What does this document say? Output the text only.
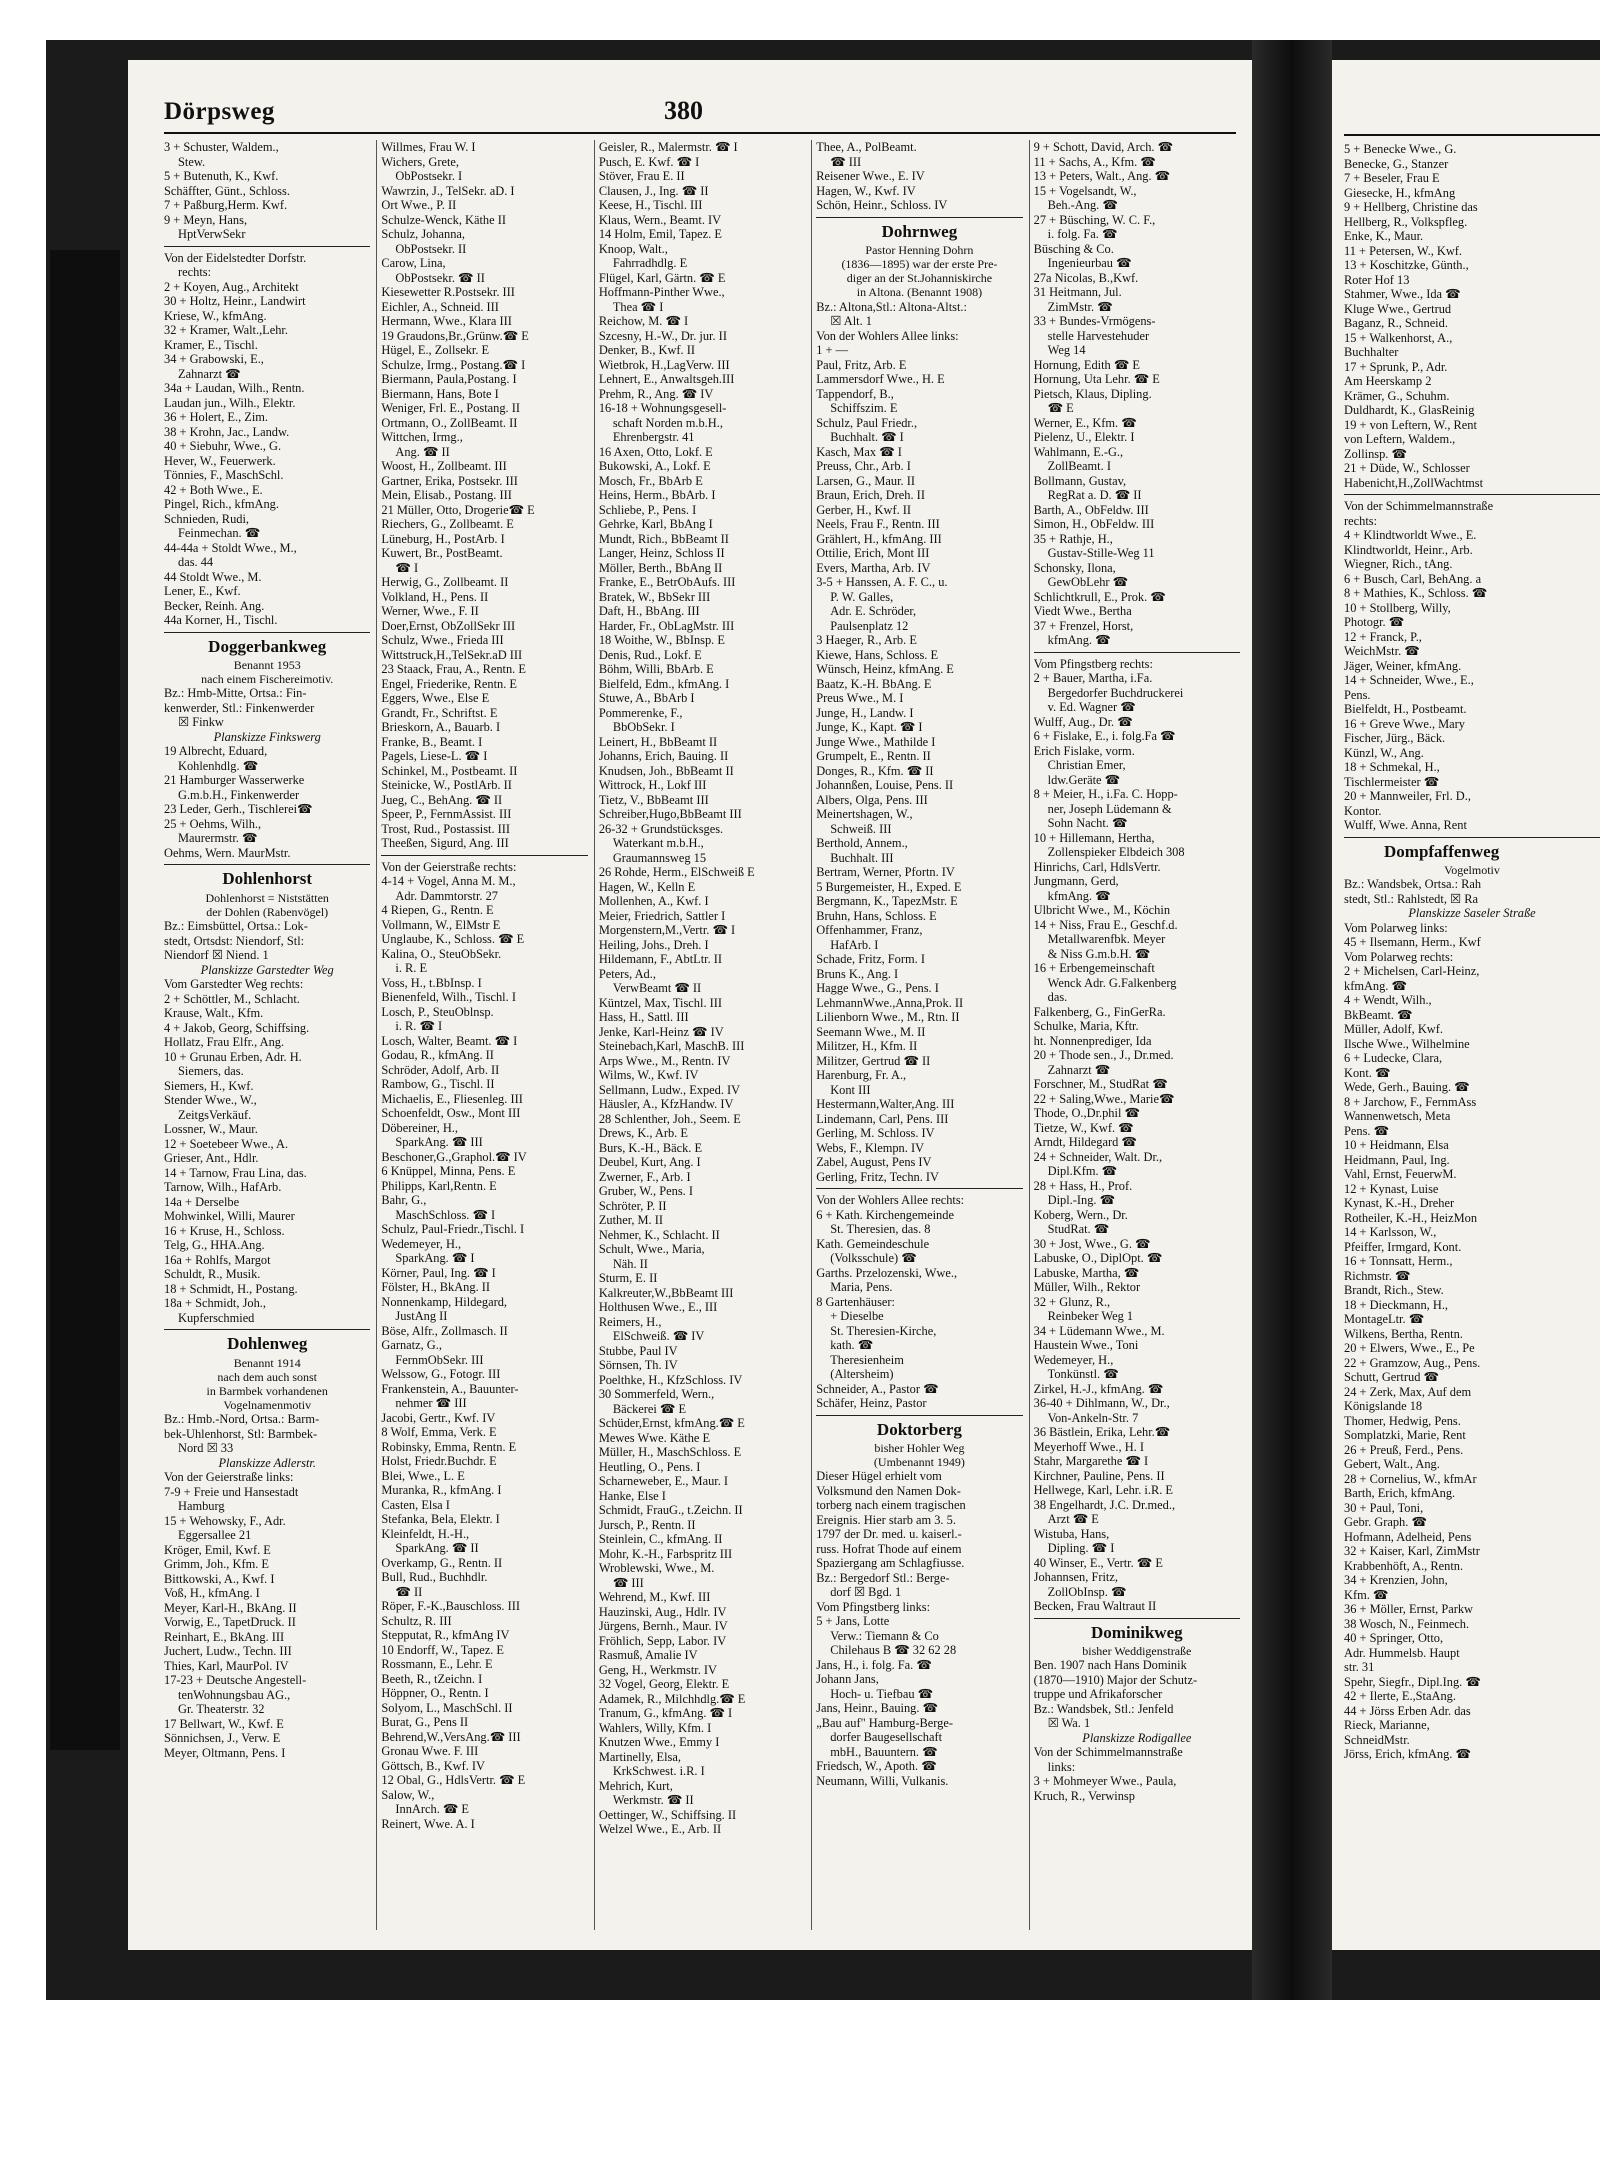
Dörpsweg	380
3 + Schuster, Waldem.,
Stew.
5 + Butenuth, K., Kwf.
Schäffter, Günt., Schloss.
7 + Paßburg,Herm. Kwf.
9 + Meyn, Hans,
HptVerwSekr
Von der Eidelstedter Dorfstr.
rechts:
2 + Koyen, Aug., Architekt
30 + Holtz, Heinr., Landwirt
Kriese, W., kfmAng.
32 + Kramer, Walt.,Lehr.
Kramer, E., Tischl.
34 + Grabowski, E.,
Zahnarzt ☎
34a + Laudan, Wilh., Rentn.
Laudan jun., Wilh., Elektr.
36 + Holert, E., Zim.
38 + Krohn, Jac., Landw.
40 + Siebuhr, Wwe., G.
Hever, W., Feuerwerk.
Tönnies, F., MaschSchl.
42 + Both Wwe., E.
Pingel, Rich., kfmAng.
Schnieden, Rudi,
Feinmechan. ☎
44-44a + Stoldt Wwe., M.,
das. 44
44 Stoldt Wwe., M.
Lener, E., Kwf.
Becker, Reinh. Ang.
44a Korner, H., Tischl.
Doggerbankweg
Benannt 1953
nach einem Fischereimotiv.
Bz.: Hmb-Mitte, Ortsa.: Fin-
kenwerder, Stl.: Finkenwerder
☒ Finkw
Planskizze Finkswerg
19 Albrecht, Eduard,
Kohlenhdlg. ☎
21 Hamburger Wasserwerke
G.m.b.H., Finkenwerder
23 Leder, Gerh., Tischlerei☎
25 + Oehms, Wilh.,
Maurermstr. ☎
Oehms, Wern. MaurMstr.
Dohlenhorst
Dohlenhorst = Niststätten
der Dohlen (Rabenvögel)
Bz.: Eimsbüttel, Ortsa.: Lok-
stedt, Ortsdst: Niendorf, Stl:
Niendorf ☒ Niend. 1
Planskizze Garstedter Weg
Vom Garstedter Weg rechts:
2 + Schöttler, M., Schlacht.
Krause, Walt., Kfm.
4 + Jakob, Georg, Schiffsing.
Hollatz, Frau Elfr., Ang.
10 + Grunau Erben, Adr. H.
Siemers, das.
Siemers, H., Kwf.
Stender Wwe., W.,
ZeitgsVerkäuf.
Lossner, W., Maur.
12 + Soetebeer Wwe., A.
Grieser, Ant., Hdlr.
14 + Tarnow, Frau Lina, das.
Tarnow, Wilh., HafArb.
14a + Derselbe
Mohwinkel, Willi, Maurer
16 + Kruse, H., Schloss.
Telg, G., HHA.Ang.
16a + Rohlfs, Margot
Schuldt, R., Musik.
18 + Schmidt, H., Postang.
18a + Schmidt, Joh.,
Kupferschmied
Dohlenweg
Benannt 1914
nach dem auch sonst
in Barmbek vorhandenen
Vogelnamenmotiv
Bz.: Hmb.-Nord, Ortsa.: Barm-
bek-Uhlenhorst, Stl: Barmbek-
Nord ☒ 33
Planskizze Adlerstr.
Von der Geierstraße links:
7-9 + Freie und Hansestadt
Hamburg
15 + Wehowsky, F., Adr.
Eggersallee 21
Kröger, Emil, Kwf. E
Grimm, Joh., Kfm. E
Bittkowski, A., Kwf. I
Voß, H., kfmAng. I
Meyer, Karl-H., BkAng. II
Vorwig, E., TapetDruck. II
Reinhart, E., BkAng. III
Juchert, Ludw., Techn. III
Thies, Karl, MaurPol. IV
17-23 + Deutsche Angestell-
tenWohnungsbau AG.,
Gr. Theaterstr. 32
17 Bellwart, W., Kwf. E
Sönnichsen, J., Verw. E
Meyer, Oltmann, Pens. I
Willmes, Frau W. I
Wichers, Grete,
ObPostsekr. I
Wawrzin, J., TelSekr. aD. I
Ort Wwe., P. II
Schulze-Wenck, Käthe II
Schulz, Johanna,
ObPostsekr. II
Carow, Lina,
ObPostsekr. ☎ II
Kiesewetter R.Postsekr. III
Eichler, A., Schneid. III
Hermann, Wwe., Klara III
19 Graudons,Br.,Grünw.☎ E
Hügel, E., Zollsekr. E
Schulze, Irmg., Postang.☎ I
Biermann, Paula,Postang. I
Biermann, Hans, Bote I
Weniger, Frl. E., Postang. II
Ortmann, O., ZollBeamt. II
Wittchen, Irmg.,
Ang. ☎ II
Woost, H., Zollbeamt. III
Gartner, Erika, Postsekr. III
Mein, Elisab., Postang. III
21 Müller, Otto, Drogerie☎ E
Riechers, G., Zollbeamt. E
Lüneburg, H., PostArb. I
Kuwert, Br., PostBeamt.
☎ I
Herwig, G., Zollbeamt. II
Volkland, H., Pens. II
Werner, Wwe., F. II
Doer,Ernst, ObZollSekr III
Schulz, Wwe., Frieda III
Wittstruck,H.,TelSekr.aD III
23 Staack, Frau, A., Rentn. E
Engel, Friederike, Rentn. E
Eggers, Wwe., Else E
Grandt, Fr., Schriftst. E
Brieskorn, A., Bauarb. I
Franke, B., Beamt. I
Pagels, Liese-L. ☎ I
Schinkel, M., Postbeamt. II
Steinicke, W., PostlArb. II
Jueg, C., BehAng. ☎ II
Speer, P., FernmAssist. III
Trost, Rud., Postassist. III
Theeßen, Sigurd, Ang. III
Von der Geierstraße rechts:
4-14 + Vogel, Anna M. M.,
Adr. Dammtorstr. 27
4 Riepen, G., Rentn. E
Vollmann, W., ElMstr E
Unglaube, K., Schloss. ☎ E
Kalina, O., SteuObSekr.
i. R. E
Voss, H., t.BbInsp. I
Bienenfeld, Wilh., Tischl. I
Losch, P., SteuOblnsp.
i. R. ☎ I
Losch, Walter, Beamt. ☎ I
Godau, R., kfmAng. II
Schröder, Adolf, Arb. II
Rambow, G., Tischl. II
Michaelis, E., Fliesenleg. III
Schoenfeldt, Osw., Mont III
Döbereiner, H.,
SparkAng. ☎ III
Beschoner,G.,Graphol.☎ IV
6 Knüppel, Minna, Pens. E
Philipps, Karl,Rentn. E
Bahr, G.,
MaschSchloss. ☎ I
Schulz, Paul-Friedr.,Tischl. I
Wedemeyer, H.,
SparkAng. ☎ I
Körner, Paul, Ing. ☎ I
Fölster, H., BkAng. II
Nonnenkamp, Hildegard,
JustAng II
Böse, Alfr., Zollmasch. II
Garnatz, G.,
FernmObSekr. III
Welssow, G., Fotogr. III
Frankenstein, A., Bauunter-
nehmer ☎ III
Jacobi, Gertr., Kwf. IV
8 Wolf, Emma, Verk. E
Robinsky, Emma, Rentn. E
Holst, Friedr.Buchdr. E
Blei, Wwe., L. E
Muranka, R., kfmAng. I
Casten, Elsa I
Stefanka, Bela, Elektr. I
Kleinfeldt, H.-H.,
SparkAng. ☎ II
Overkamp, G., Rentn. II
Bull, Rud., Buchhdlr.
☎ II
Röper, F.-K.,Bauschloss. III
Schultz, R. III
Stepputat, R., kfmAng IV
10 Endorff, W., Tapez. E
Rossmann, E., Lehr. E
Beeth, R., tZeichn. I
Höppner, O., Rentn. I
Solyom, L., MaschSchl. II
Burat, G., Pens II
Behrend,W.,VersAng.☎ III
Gronau Wwe. F. III
Göttsch, B., Kwf. IV
12 Obal, G., HdlsVertr. ☎ E
Salow, W.,
InnArch. ☎ E
Reinert, Wwe. A. I
Geisler, R., Malermstr. ☎ I
Pusch, E. Kwf. ☎ I
Stöver, Frau E. II
Clausen, J., Ing. ☎ II
Keese, H., Tischl. III
Klaus, Wern., Beamt. IV
14 Holm, Emil, Tapez. E
Knoop, Walt.,
Fahrradhdlg. E
Flügel, Karl, Gärtn. ☎ E
Hoffmann-Pinther Wwe.,
Thea ☎ I
Reichow, M. ☎ I
Szcesny, H.-W., Dr. jur. II
Denker, B., Kwf. II
Wietbrok, H.,LagVerw. III
Lehnert, E., Anwaltsgeh.III
Prehm, R., Ang. ☎ IV
16-18 + Wohnungsgesell-
schaft Norden m.b.H.,
Ehrenbergstr. 41
16 Axen, Otto, Lokf. E
Bukowski, A., Lokf. E
Mosch, Fr., BbArb E
Heins, Herm., BbArb. I
Schliebe, P., Pens. I
Gehrke, Karl, BbAng I
Mundt, Rich., BbBeamt II
Langer, Heinz, Schloss II
Möller, Berth., BbAng II
Franke, E., BetrObAufs. III
Bratek, W., BbSekr III
Daft, H., BbAng. III
Harder, Fr., ObLagMstr. III
18 Woithe, W., BbInsp. E
Denis, Rud., Lokf. E
Böhm, Willi, BbArb. E
Bielfeld, Edm., kfmAng. I
Stuwe, A., BbArb I
Pommerenke, F.,
BbObSekr. I
Leinert, H., BbBeamt II
Johanns, Erich, Bauing. II
Knudsen, Joh., BbBeamt II
Wittrock, H., Lokf III
Tietz, V., BbBeamt III
Schreiber,Hugo,BbBeamt III
26-32 + Grundstücksges.
Waterkant m.b.H.,
Graumannsweg 15
26 Rohde, Herm., ElSchweiß E
Hagen, W., Kelln E
Mollenhen, A., Kwf. I
Meier, Friedrich, Sattler I
Morgenstern,M.,Vertr. ☎ I
Heiling, Johs., Dreh. I
Hildemann, F., AbtLtr. II
Peters, Ad.,
VerwBeamt ☎ II
Küntzel, Max, Tischl. III
Hass, H., Sattl. III
Jenke, Karl-Heinz ☎ IV
Steinebach,Karl, MaschB. III
Arps Wwe., M., Rentn. IV
Wilms, W., Kwf. IV
Sellmann, Ludw., Exped. IV
Häusler, A., KfzHandw. IV
28 Schlenther, Joh., Seem. E
Drews, K., Arb. E
Burs, K.-H., Bäck. E
Deubel, Kurt, Ang. I
Zwerner, F., Arb. I
Gruber, W., Pens. I
Schröter, P. II
Zuther, M. II
Nehmer, K., Schlacht. II
Schult, Wwe., Maria,
Näh. II
Sturm, E. II
Kalkreuter,W.,BbBeamt III
Holthusen Wwe., E., III
Reimers, H.,
ElSchweiß. ☎ IV
Stubbe, Paul IV
Sörnsen, Th. IV
Poelthke, H., KfzSchloss. IV
30 Sommerfeld, Wern.,
Bäckerei ☎ E
Schüder,Ernst, kfmAng.☎ E
Mewes Wwe. Käthe E
Müller, H., MaschSchloss. E
Heutling, O., Pens. I
Scharneweber, E., Maur. I
Hanke, Else I
Schmidt, FrauG., t.Zeichn. II
Jursch, P., Rentn. II
Steinlein, C., kfmAng. II
Mohr, K.-H., Farbspritz III
Wroblewski, Wwe., M.
☎ III
Wehrend, M., Kwf. III
Hauzinski, Aug., Hdlr. IV
Jürgens, Bernh., Maur. IV
Fröhlich, Sepp, Labor. IV
Rasmuß, Amalie IV
Geng, H., Werkmstr. IV
32 Vogel, Georg, Elektr. E
Adamek, R., Milchhdlg.☎ E
Tranum, G., kfmAng. ☎ I
Wahlers, Willy, Kfm. I
Knutzen Wwe., Emmy I
Martinelly, Elsa,
KrkSchwest. i.R. I
Mehrich, Kurt,
Werkmstr. ☎ II
Oettinger, W., Schiffsing. II
Welzel Wwe., E., Arb. II
Thee, A., PolBeamt.
☎ III
Reisener Wwe., E. IV
Hagen, W., Kwf. IV
Schön, Heinr., Schloss. IV
Dohrnweg
Pastor Henning Dohrn
(1836—1895) war der erste Pre-
diger an der St.Johanniskirche
in Altona. (Benannt 1908)
Bz.: Altona,Stl.: Altona-Altst.:
☒ Alt. 1
Von der Wohlers Allee links:
1 + —
Paul, Fritz, Arb. E
Lammersdorf Wwe., H. E
Tappendorf, B.,
Schiffszim. E
Schulz, Paul Friedr.,
Buchhalt. ☎ I
Kasch, Max ☎ I
Preuss, Chr., Arb. I
Larsen, G., Maur. II
Braun, Erich, Dreh. II
Gerber, H., Kwf. II
Neels, Frau F., Rentn. III
Grählert, H., kfmAng. III
Ottilie, Erich, Mont III
Evers, Martha, Arb. IV
3-5 + Hanssen, A. F. C., u.
P. W. Galles,
Adr. E. Schröder,
Paulsenplatz 12
3 Haeger, R., Arb. E
Kiewe, Hans, Schloss. E
Wünsch, Heinz, kfmAng. E
Baatz, K.-H. BbAng. E
Preus Wwe., M. I
Junge, H., Landw. I
Junge, K., Kapt. ☎ I
Junge Wwe., Mathilde I
Grumpelt, E., Rentn. II
Donges, R., Kfm. ☎ II
Johannßen, Louise, Pens. II
Albers, Olga, Pens. III
Meinertshagen, W.,
Schweiß. III
Berthold, Annem.,
Buchhalt. III
Bertram, Werner, Pfortn. IV
5 Burgemeister, H., Exped. E
Bergmann, K., TapezMstr. E
Bruhn, Hans, Schloss. E
Offenhammer, Franz,
HafArb. I
Schade, Fritz, Form. I
Bruns K., Ang. I
Hagge Wwe., G., Pens. I
LehmannWwe.,Anna,Prok. II
Lilienborn Wwe., M., Rtn. II
Seemann Wwe., M. II
Militzer, H., Kfm. II
Militzer, Gertrud ☎ II
Harenburg, Fr. A.,
Kont III
Hestermann,Walter,Ang. III
Lindemann, Carl, Pens. III
Gerling, M. Schloss. IV
Webs, F., Klempn. IV
Zabel, August, Pens IV
Gerling, Fritz, Techn. IV
Von der Wohlers Allee rechts:
6 + Kath. Kirchengemeinde
St. Theresien, das. 8
Kath. Gemeindeschule
(Volksschule) ☎
Garths. Przelozenski, Wwe.,
Maria, Pens.
8 Gartenhäuser:
+ Dieselbe
St. Theresien-Kirche,
kath. ☎
Theresienheim
(Altersheim)
Schneider, A., Pastor ☎
Schäfer, Heinz, Pastor
Doktorberg
bisher Hohler Weg
(Umbenannt 1949)
Dieser Hügel erhielt vom
Volksmund den Namen Dok-
torberg nach einem tragischen
Ereignis. Hier starb am 3. 5.
1797 der Dr. med. u. kaiserl.-
russ. Hofrat Thode auf einem
Spaziergang am Schlagfiusse.
Bz.: Bergedorf Stl.: Berge-
dorf ☒ Bgd. 1
Vom Pfingstberg links:
5 + Jans, Lotte
Verw.: Tiemann & Co
Chilehaus B ☎ 32 62 28
Jans, H., i. folg. Fa. ☎
Johann Jans,
Hoch- u. Tiefbau ☎
Jans, Heinr., Bauing. ☎
„Bau auf" Hamburg-Berge-
dorfer Baugesellschaft
mbH., Bauuntern. ☎
Friedsch, W., Apoth. ☎
Neumann, Willi, Vulkanis.
9 + Schott, David, Arch. ☎
11 + Sachs, A., Kfm. ☎
13 + Peters, Walt., Ang. ☎
15 + Vogelsandt, W.,
Beh.-Ang. ☎
27 + Büsching, W. C. F.,
i. folg. Fa. ☎
Büsching & Co.
Ingenieurbau ☎
27a Nicolas, B.,Kwf.
31 Heitmann, Jul.
ZimMstr. ☎
33 + Bundes-Vrmögens-
stelle Harvestehuder
Weg 14
Hornung, Edith ☎ E
Hornung, Uta Lehr. ☎ E
Pietsch, Klaus, Dipling.
☎ E
Werner, E., Kfm. ☎
Pielenz, U., Elektr. I
Wahlmann, E.-G.,
ZollBeamt. I
Bollmann, Gustav,
RegRat a. D. ☎ II
Barth, A., ObFeldw. III
Simon, H., ObFeldw. III
35 + Rathje, H.,
Gustav-Stille-Weg 11
Schonsky, Ilona,
GewObLehr ☎
Schlichtkrull, E., Prok. ☎
Viedt Wwe., Bertha
37 + Frenzel, Horst,
kfmAng. ☎
Vom Pfingstberg rechts:
2 + Bauer, Martha, i.Fa.
Bergedorfer Buchdruckerei
v. Ed. Wagner ☎
Wulff, Aug., Dr. ☎
6 + Fislake, E., i. folg.Fa ☎
Erich Fislake, vorm.
Christian Emer,
ldw.Geräte ☎
8 + Meier, H., i.Fa. C. Hopp-
ner, Joseph Lüdemann &
Sohn Nacht. ☎
10 + Hillemann, Hertha,
Zollenspieker Elbdeich 308
Hinrichs, Carl, HdlsVertr.
Jungmann, Gerd,
kfmAng. ☎
Ulbricht Wwe., M., Köchin
14 + Niss, Frau E., Geschf.d.
Metallwarenfbk. Meyer
& Niss G.m.b.H. ☎
16 + Erbengemeinschaft
Wenck Adr. G.Falkenberg
das.
Falkenberg, G., FinGerRa.
Schulke, Maria, Kftr.
ht. Nonnenprediger, Ida
20 + Thode sen., J., Dr.med.
Zahnarzt ☎
Forschner, M., StudRat ☎
22 + Saling,Wwe., Marie☎
Thode, O.,Dr.phil ☎
Tietze, W., Kwf. ☎
Arndt, Hildegard ☎
24 + Schneider, Walt. Dr.,
Dipl.Kfm. ☎
28 + Hass, H., Prof.
Dipl.-Ing. ☎
Koberg, Wern., Dr.
StudRat. ☎
30 + Jost, Wwe., G. ☎
Labuske, O., DiplOpt. ☎
Labuske, Martha, ☎
Müller, Wilh., Rektor
32 + Glunz, R.,
Reinbeker Weg 1
34 + Lüdemann Wwe., M.
Haustein Wwe., Toni
Wedemeyer, H.,
Tonkünstl. ☎
Zirkel, H.-J., kfmAng. ☎
36-40 + Dihlmann, W., Dr.,
Von-Ankeln-Str. 7
36 Bästlein, Erika, Lehr.☎
Meyerhoff Wwe., H. I
Stahr, Margarethe ☎ I
Kirchner, Pauline, Pens. II
Hellwege, Karl, Lehr. i.R. E
38 Engelhardt, J.C. Dr.med.,
Arzt ☎ E
Wistuba, Hans,
Dipling. ☎ I
40 Winser, E., Vertr. ☎ E
Johannsen, Fritz,
ZollObInsp. ☎
Becken, Frau Waltraut II
Dominikweg
bisher Weddigenstraße
Ben. 1907 nach Hans Dominik
(1870—1910) Major der Schutz-
truppe und Afrikaforscher
Bz.: Wandsbek, Stl.: Jenfeld
☒ Wa. 1
Planskizze Rodigallee
Von der Schimmelmannstraße
links:
3 + Mohmeyer Wwe., Paula,
Kruch, R., Verwinsp
5 + Benecke Wwe., G.
Benecke, G., Stanzer
7 + Beseler, Frau E
Giesecke, H., kfmAng
9 + Hellberg, Christine das
Hellberg, R., Volkspfleg.
Enke, K., Maur.
11 + Petersen, W., Kwf.
13 + Koschitzke, Günth.,
Roter Hof 13
Stahmer, Wwe., Ida ☎
Kluge Wwe., Gertrud
Baganz, R., Schneid.
15 + Walkenhorst, A.,
Buchhalter
17 + Sprunk, P., Adr.
Am Heerskamp 2
Krämer, G., Schuhm.
Duldhardt, K., GlasReinig
19 + von Leftern, W., Rent
von Leftern, Waldem.,
Zollinsp. ☎
21 + Düde, W., Schlosser
Habenicht,H.,ZollWachtmst
Von der Schimmelmannstraße
rechts:
4 + Klindtworldt Wwe., E.
Klindtworldt, Heinr., Arb.
Wiegner, Rich., tAng.
6 + Busch, Carl, BehAng. a
8 + Mathies, K., Schloss. ☎
10 + Stollberg, Willy,
Photogr. ☎
12 + Franck, P.,
WeichMstr. ☎
Jäger, Weiner, kfmAng.
14 + Schneider, Wwe., E.,
Pens.
Bielfeldt, H., Postbeamt.
16 + Greve Wwe., Mary
Fischer, Jürg., Bäck.
Künzl, W., Ang.
18 + Schmekal, H.,
Tischlermeister ☎
20 + Mannweiler, Frl. D.,
Kontor.
Wulff, Wwe. Anna, Rent
Dompfaffenweg
Vogelmotiv
Bz.: Wandsbek, Ortsa.: Rah
stedt, Stl.: Rahlstedt, ☒ Ra
Planskizze Saseler Straße
Vom Polarweg links:
45 + Ilsemann, Herm., Kwf
Vom Polarweg rechts:
2 + Michelsen, Carl-Heinz,
kfmAng. ☎
4 + Wendt, Wilh.,
BkBeamt. ☎
Müller, Adolf, Kwf.
Ilsche Wwe., Wilhelmine
6 + Ludecke, Clara,
Kont. ☎
Wede, Gerh., Bauing. ☎
8 + Jarchow, F., FernmAss
Wannenwetsch, Meta
Pens. ☎
10 + Heidmann, Elsa
Heidmann, Paul, Ing.
Vahl, Ernst, FeuerwM.
12 + Kynast, Luise
Kynast, K.-H., Dreher
Rotheiler, K.-H., HeizMon
14 + Karlsson, W.,
Pfeiffer, Irmgard, Kont.
16 + Tonnsatt, Herm.,
Richmstr. ☎
Brandt, Rich., Stew.
18 + Dieckmann, H.,
MontageLtr. ☎
Wilkens, Bertha, Rentn.
20 + Elwers, Wwe., E., Pe
22 + Gramzow, Aug., Pens.
Schutt, Gertrud ☎
24 + Zerk, Max, Auf dem
Königslande 18
Thomer, Hedwig, Pens.
Somplatzki, Marie, Rent
26 + Preuß, Ferd., Pens.
Gebert, Walt., Ang.
28 + Cornelius, W., kfmAr
Barth, Erich, kfmAng.
30 + Paul, Toni,
Gebr. Graph. ☎
Hofmann, Adelheid, Pens
32 + Kaiser, Karl, ZimMstr
Krabbenhöft, A., Rentn.
34 + Krenzien, John,
Kfm. ☎
36 + Möller, Ernst, Parkw
38 Wosch, N., Feinmech.
40 + Springer, Otto,
Adr. Hummelsb. Haupt
str. 31
Spehr, Siegfr., Dipl.Ing. ☎
42 + Ilerte, E.,StaAng.
44 + Jörss Erben Adr. das
Rieck, Marianne,
SchneidMstr.
Jörss, Erich, kfmAng. ☎
